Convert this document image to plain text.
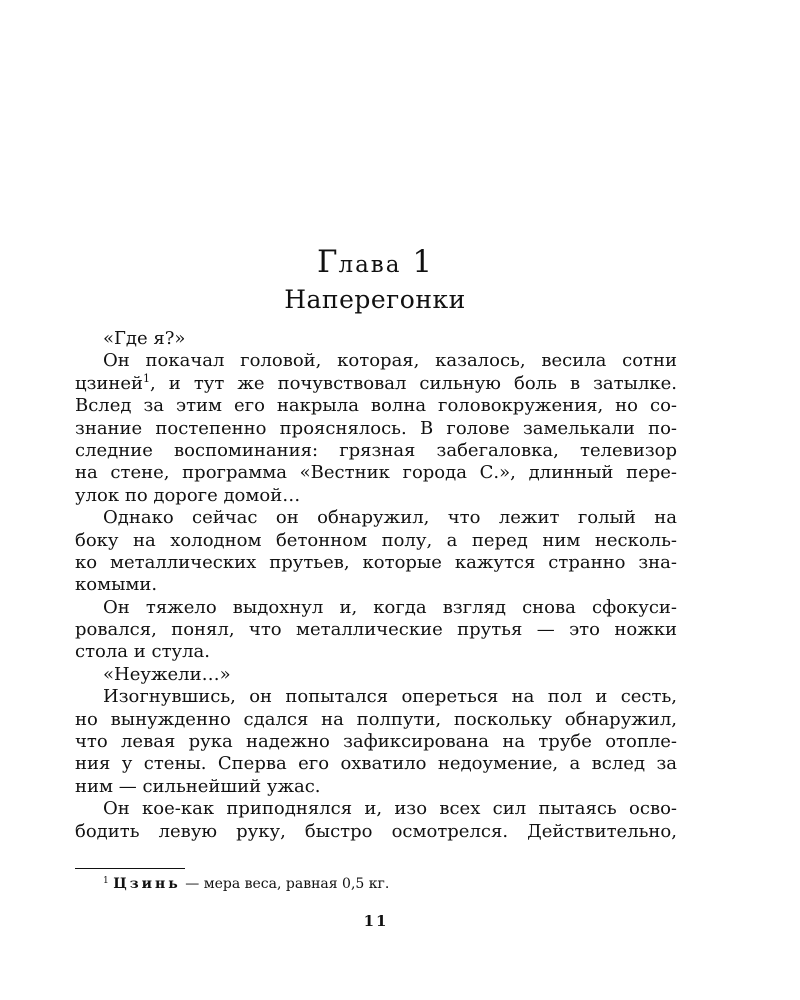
Глава 1
Наперегонки
«Где я?»
Он покачал головой, которая, казалось, весила сотни
цзиней$^1$, и тут же почувствовал сильную боль в затылке.
Вслед за этим его накрыла волна головокружения, но со-
знание постепенно прояснялось. В голове замелькали по-
следние воспоминания: грязная забегаловка, телевизор
на стене, программа «Вестник города С.», длинный пере-
улок по дороге домой…
Однако сейчас он обнаружил, что лежит голый на
боку на холодном бетонном полу, а перед ним несколь-
ко металлических прутьев, которые кажутся странно зна-
комыми.
Он тяжело выдохнул и, когда взгляд снова сфокуси-
ровался, понял, что металлические прутья — это ножки
стола и стула.
«Неужели…»
Изогнувшись, он попытался опереться на пол и сесть,
но вынужденно сдался на полпути, поскольку обнаружил,
что левая рука надежно зафиксирована на трубе отопле-
ния у стены. Сперва его охватило недоумение, а вслед за
ним — сильнейший ужас.
Он кое-как приподнялся и, изо всех сил пытаясь осво-
бодить левую руку, быстро осмотрелся. Действительно,
$^1$ Цзинь — мера веса, равная 0,5 кг.
11
